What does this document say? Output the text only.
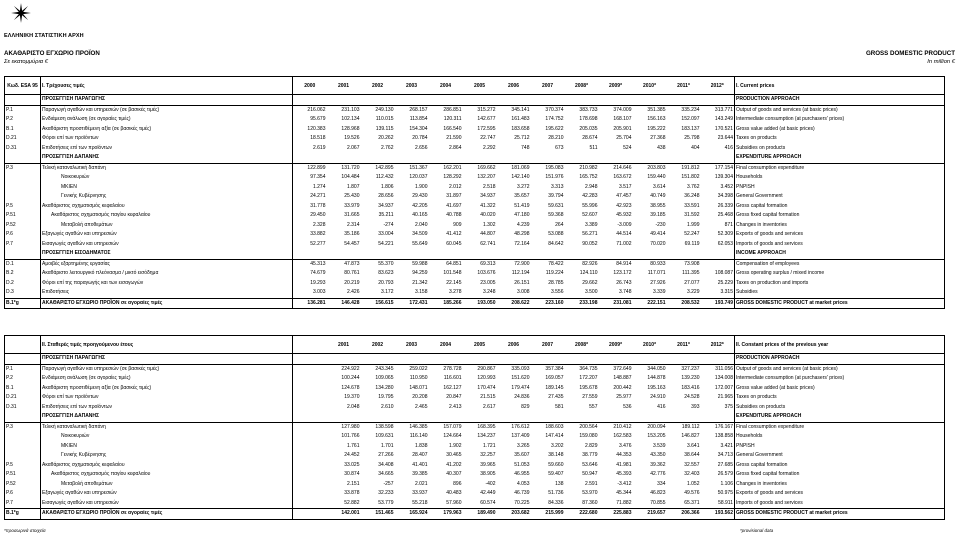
ΕΛΛΗΝΙΚΗ ΣΤΑΤΙΣΤΙΚΗ ΑΡΧΗ
ΑΚΑΘΑΡΙΣΤΟ ΕΓΧΩΡΙΟ ΠΡΟΪΟΝ
Σε εκατομμύρια €
GROSS DOMESTIC PRODUCT
In million €
Κωδ. ESA 95	I. Τρέχουσες τιμές	2000	2001	2002	2003	2004	2005	2006	2007	2008*	2009*	2010*	2011*	2012*	I. Current prices
	ΠΡΟΣΕΓΓΙΣΗ ΠΑΡΑΓΩΓΗΣ														PRODUCTION APPROACH
P.1	Παραγωγή αγαθών και υπηρεσιών (σε βασικές τιμές)	216.062	231.103	249.130	268.157	286.851	315.272	345.141	370.374	383.733	374.009	351.385	335.234	313.771	Output of goods and services (at basic prices)
P.2	Ενδιάμεση ανάλωση (σε αγοραίες τιμές)	95.679	102.134	110.015	113.854	120.311	142.677	161.483	174.752	178.698	168.107	156.163	152.097	143.249	Intermediate consumption (at purchasers' prices)
B.1	Ακαθάριστη προστιθέμενη αξία (σε βασικές τιμές)	120.383	128.968	139.115	154.304	166.540	172.595	183.658	195.622	205.035	205.901	195.222	183.137	170.521	Gross value added (at basic prices)
D.21	Φόροι επί των προϊόντων	18.518	19.526	20.262	20.784	21.590	22.747	25.712	28.210	28.674	25.704	27.368	25.798	23.644	Taxes on products
D.31	Επιδοτήσεις επί των προϊόντων	2.619	2.067	2.762	2.656	2.864	2.292	748	673	511	524	438	404	416	Subsidies on products
	ΠΡΟΣΕΓΓΙΣΗ ΔΑΠΑΝΗΣ														EXPENDITURE APPROACH
P.3	Τελική καταναλωτική δαπάνη	122.899	131.720	142.895	151.367	162.201	169.662	181.069	195.083	210.982	214.646	203.803	191.812	177.154	Final consumption expenditure
	Νοικοκυριών	97.354	104.484	112.432	120.037	128.292	132.207	142.140	151.976	165.752	163.672	159.440	151.802	139.304	Households
	ΜΚΙΕΝ	1.274	1.807	1.806	1.900	2.012	2.518	3.272	3.313	2.948	3.517	3.614	3.762	3.452	PNPISH
	Γενικής Κυβέρνησης	24.271	25.430	28.656	29.430	31.897	34.937	35.657	39.794	42.283	47.457	40.749	36.248	34.398	General Government
P.5	Ακαθάριστος σχηματισμός κεφαλαίου	31.778	33.979	34.937	42.205	41.697	41.322	51.419	59.631	55.996	42.923	38.955	33.591	26.339	Gross capital formation
P.51	Ακαθάριστος σχηματισμός παγίου κεφαλαίου	29.450	31.665	35.211	40.165	40.788	40.020	47.180	59.368	52.607	45.932	39.185	31.592	25.468	Gross fixed capital formation
P.52	Μεταβολή αποθεμάτων	2.328	2.314	-274	2.040	909	1.302	4.239	264	3.389	-3.009	-230	1.999	871	Changes in inventories
P.6	Εξαγωγές αγαθών και υπηρεσιών	33.882	35.186	33.004	34.509	41.412	44.807	48.298	53.088	56.271	44.514	49.414	52.247	52.309	Exports of goods and services
P.7	Εισαγωγές αγαθών και υπηρεσιών	52.277	54.457	54.221	55.649	60.045	62.741	72.164	84.642	90.052	71.002	70.020	69.119	62.053	Imports of goods and services
	ΠΡΟΣΕΓΓΙΣΗ ΕΙΣΟΔΗΜΑΤΟΣ														INCOME APPROACH
D.1	Αμοιβές εξαρτημένης εργασίας	45.313	47.873	55.370	59.988	64.851	69.313	72.900	78.422	82.926	84.914	80.933	73.908		Compensation of employees
B.2	Ακαθάριστο λειτουργικό πλεόνασμα / μικτό εισόδημα	74.679	80.761	83.623	94.259	101.548	103.676	112.194	119.224	124.110	123.172	117.071	111.395	108.087	Gross operating surplus / mixed income
D.2	Φόροι επί της παραγωγής και των εισαγωγών	19.293	20.219	20.793	21.342	22.145	23.005	26.151	28.785	29.662	26.743	27.926	27.077	25.229	Taxes on production and imports
D.3	Επιδοτήσεις	3.003	2.426	3.172	3.158	3.278	3.248	3.008	3.556	3.500	3.748	3.339	3.229	3.315	Subsidies
B.1*g	ΑΚΑΘΑΡΙΣΤΟ ΕΓΧΩΡΙΟ ΠΡΟΪΟΝ σε αγοραίες τιμές	136.281	146.428	156.615	172.431	185.266	193.050	208.622	223.160	233.198	231.081	222.151	208.532	193.749	GROSS DOMESTIC PRODUCT at market prices
	II. Σταθερές τιμές προηγούμενου έτους		2001	2002	2003	2004	2005	2006	2007	2008*	2009*	2010*	2011*	2012*	II. Constant prices of the previous year
	ΠΡΟΣΕΓΓΙΣΗ ΠΑΡΑΓΩΓΗΣ														PRODUCTION APPROACH
P.1	Παραγωγή αγαθών και υπηρεσιών (σε βασικές τιμές)		224.922	243.345	259.022	278.728	290.867	335.093	357.384	364.735	372.649	344.050	327.237	311.056	Output of goods and services (at basic prices)
P.2	Ενδιάμεση ανάλωση (σε αγοραίες τιμές)		100.244	109.065	110.950	116.601	120.993	151.620	169.057	172.207	148.887	144.878	139.230	134.008	Intermediate consumption (at purchasers' prices)
B.1	Ακαθάριστη προστιθέμενη αξία (σε βασικές τιμές)		124.678	134.280	148.071	162.127	170.474	179.474	189.145	195.678	200.442	195.163	183.416	172.007	Gross value added (at basic prices)
D.21	Φόροι επί των προϊόντων		19.370	19.795	20.208	20.847	21.515	24.836	27.435	27.559	25.977	24.910	24.528	21.965	Taxes on products
D.31	Επιδοτήσεις επί των προϊόντων		2.048	2.610	2.465	2.413	2.617	829	581	557	536	416	393	375	Subsidies on products
	ΠΡΟΣΕΓΓΙΣΗ ΔΑΠΑΝΗΣ														EXPENDITURE APPROACH
P.3	Τελική καταναλωτική δαπάνη		127.980	138.598	146.385	157.079	168.395	176.612	188.603	200.564	210.412	200.094	189.112	176.167	Final consumption expenditure
	Νοικοκυριών		101.766	109.631	116.140	124.664	134.237	137.409	147.414	159.080	162.583	153.205	146.827	138.858	Households
	ΜΚΙΕΝ		1.761	1.701	1.838	1.902	1.721	3.265	3.202	2.829	3.476	3.539	3.641	3.421	PNPISH
	Γενικής Κυβέρνησης		24.452	27.266	28.407	30.465	32.257	35.607	38.148	38.779	44.353	43.350	38.644	34.713	General Government
P.5	Ακαθάριστος σχηματισμός κεφαλαίου		33.025	34.408	41.401	41.202	39.965	51.053	59.660	53.646	41.981	39.362	32.557	27.685	Gross capital formation
P.51	Ακαθάριστος σχηματισμός παγίου κεφαλαίου		30.874	34.665	39.385	40.307	38.905	46.955	59.407	50.947	45.393	42.776	32.403	26.579	Gross fixed capital formation
P.52	Μεταβολή αποθεμάτων		2.151	-257	2.021	896	-402	4.053	138	2.591	-3.412	334	1.052	1.106	Changes in inventories
P.6	Εξαγωγές αγαθών και υπηρεσιών		33.878	32.233	33.937	40.483	42.449	46.739	51.736	53.970	45.344	46.823	49.576	50.975	Exports of goods and services
P.7	Εισαγωγές αγαθών και υπηρεσιών		52.882	53.779	55.218	57.960	60.574	70.225	84.336	87.360	71.882	70.855	65.371	58.911	Imports of goods and services
B.1*g	ΑΚΑΘΑΡΙΣΤΟ ΕΓΧΩΡΙΟ ΠΡΟΪΟΝ σε αγοραίες τιμές		142.001	151.465	165.924	179.963	189.490	203.682	215.999	222.680	225.883	219.657	206.366	193.562	GROSS DOMESTIC PRODUCT at market prices
*προσωρινά στοιχεία	*provisional data
